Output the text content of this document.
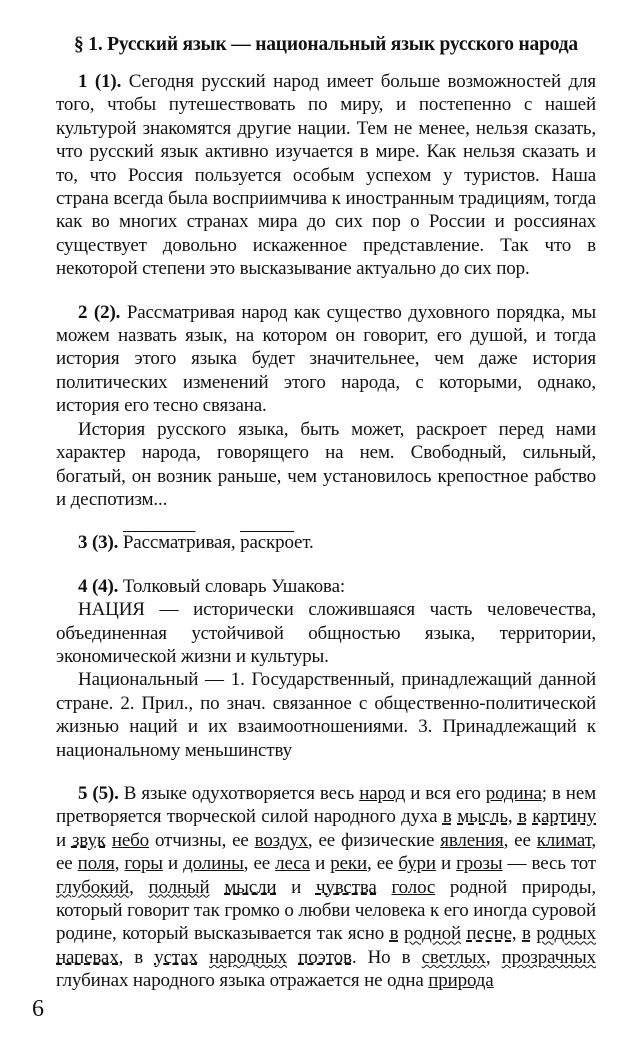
§ 1. Русский язык — национальный язык русского народа

1 (1). Сегодня русский народ имеет больше возможностей для того, чтобы путешествовать по миру, и постепенно с нашей культурой знакомятся другие нации. Тем не менее, нельзя сказать, что русский язык активно изучается в мире. Как нельзя сказать и то, что Россия пользуется особым успехом у туристов. Наша страна всегда была восприимчива к иностранным традициям, тогда как во многих странах мира до сих пор о России и россиянах существует довольно искаженное представление. Так что в некоторой степени это высказывание актуально до сих пор.

2 (2). Рассматривая народ как существо духовного порядка, мы можем назвать язык, на котором он говорит, его душой, и тогда история этого языка будет значительнее, чем даже история политических изменений этого народа, с которыми, однако, история его тесно связана.

История русского языка, быть может, раскроет перед нами характер народа, говорящего на нем. Свободный, сильный, богатый, он возник раньше, чем установилось крепостное рабство и деспотизм...

3 (3). Рассматривая, раскроет.

4 (4). Толковый словарь Ушакова:

НАЦИЯ — исторически сложившаяся часть человечества, объединенная устойчивой общностью языка, территории, экономической жизни и культуры.

Национальный — 1. Государственный, принадлежащий данной стране. 2. Прил., по знач. связанное с общественно-политической жизнью наций и их взаимоотношениями. 3. Принадлежащий к национальному меньшинству

5 (5). В языке одухотворяется весь народ и вся его родина; в нем претворяется творческой силой народного духа в мысль, в картину и звук небо отчизны, ее воздух, ее физические явления, ее климат, ее поля, горы и долины, ее леса и реки, ее бури и грозы — весь тот глубокий, полный мысли и чувства голос родной природы, который говорит так громко о любви человека к его иногда суровой родине, который высказывается так ясно в родной песне, в родных напевах, в устах народных поэтов. Но в светлых, прозрачных глубинах народного языка отражается не одна природа

6
